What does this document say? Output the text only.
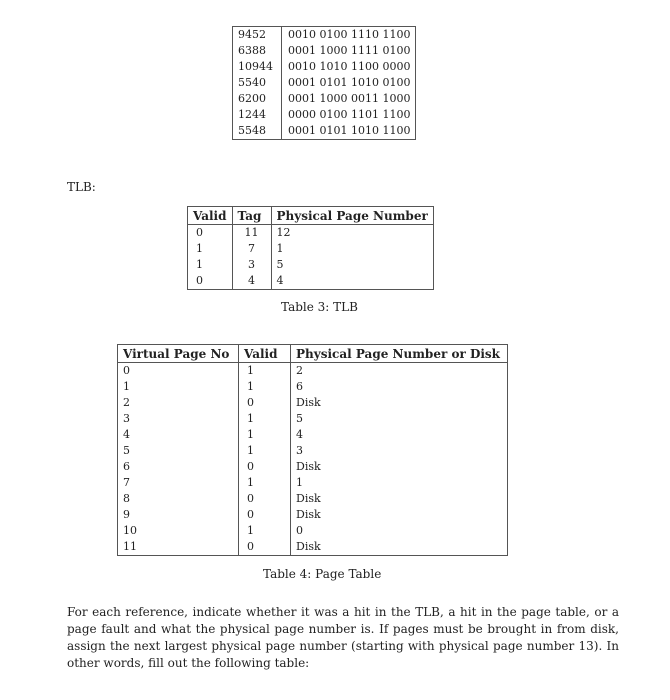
9452	0010 0100 1110 1100
6388	0001 1000 1111 0100
10944	0010 1010 1100 0000
5540	0001 0101 1010 0100
6200	0001 1000 0011 1000
1244	0000 0100 1101 1100
5548	0001 0101 1010 1100
TLB:
Valid	Tag	Physical Page Number
0	11	12
1	7	1
1	3	5
0	4	4
Table 3: TLB
Virtual Page No	Valid	Physical Page Number or Disk
0	1	2
1	1	6
2	0	Disk
3	1	5
4	1	4
5	1	3
6	0	Disk
7	1	1
8	0	Disk
9	0	Disk
10	1	0
11	0	Disk
Table 4: Page Table

For each reference, indicate whether it was a hit in the TLB, a hit in the page table, or a page fault and what the physical page number is. If pages must be brought in from disk, assign the next largest physical page number (starting with physical page number 13). In other words, fill out the following table:
